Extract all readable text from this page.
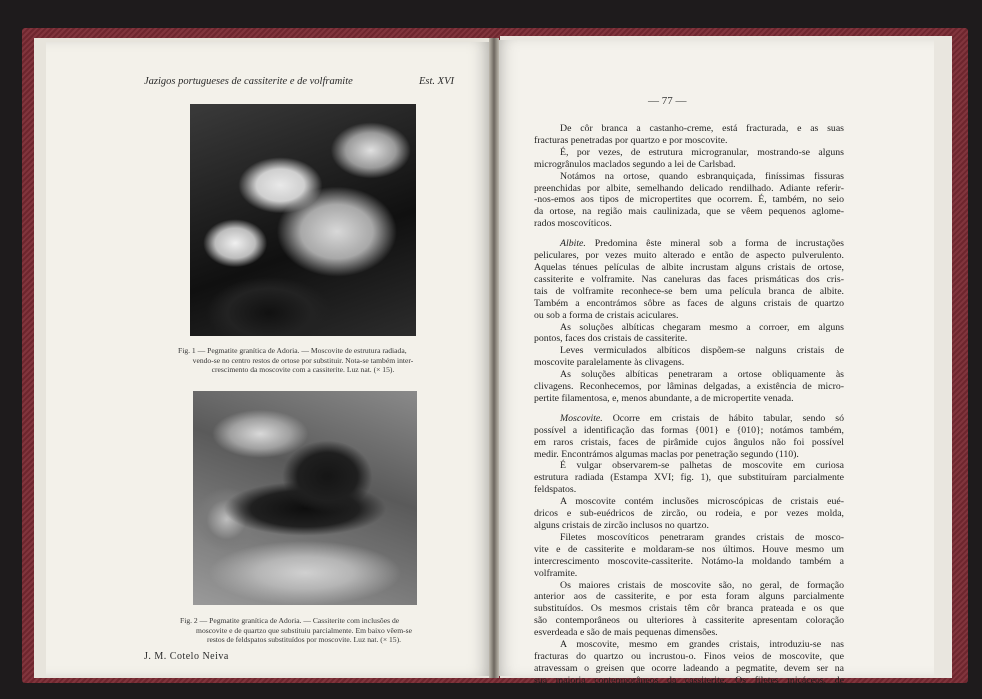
Jazigos portugueses de cassiterite e de volframite	Est. XVI
Fig. 1 — Pegmatite granítica de Adoria. — Moscovite de estrutura radiada,
vendo-se no centro restos de ortose por substituir. Nota-se também inter-
crescimento da moscovite com a cassiterite. Luz nat. (× 15).
Fig. 2 — Pegmatite granítica de Adoria. — Cassiterite com inclusões de
moscovite e de quartzo que substituiu parcialmente. Em baixo vêem-se
restos de feldspatos substituídos por moscovite. Luz nat. (× 15).
J. M. Cotelo Neiva
— 77 —
De côr branca a castanho-creme, está fracturada, e as suas
fracturas penetradas por quartzo e por moscovite.
É, por vezes, de estrutura microgranular, mostrando-se alguns
microgrânulos maclados segundo a lei de Carlsbad.
Notámos na ortose, quando esbranquiçada, finíssimas fissuras
preenchidas por albite, semelhando delicado rendilhado. Adiante referir-
-nos-emos aos tipos de micropertites que ocorrem. É, também, no seio
da ortose, na região mais caulinizada, que se vêem pequenos aglome-
rados moscovíticos.
Albite. Predomina êste mineral sob a forma de incrustações
peliculares, por vezes muito alterado e então de aspecto pulverulento.
Aquelas ténues películas de albite incrustam alguns cristais de ortose,
cassiterite e volframite. Nas caneluras das faces prismáticas dos cris-
tais de volframite reconhece-se bem uma película branca de albite.
Também a encontrámos sôbre as faces de alguns cristais de quartzo
ou sob a forma de cristais aciculares.
As soluções albíticas chegaram mesmo a corroer, em alguns
pontos, faces dos cristais de cassiterite.
Leves vermiculados albíticos dispõem-se nalguns cristais de
moscovite paralelamente às clivagens.
As soluções albíticas penetraram a ortose obliquamente às
clivagens. Reconhecemos, por lâminas delgadas, a existência de micro-
pertite filamentosa, e, menos abundante, a de micropertite venada.
Moscovite. Ocorre em cristais de hábito tabular, sendo só
possível a identificação das formas {001} e {010}; notámos também,
em raros cristais, faces de pirâmide cujos ângulos não foi possível
medir. Encontrámos algumas maclas por penetração segundo (110).
É vulgar observarem-se palhetas de moscovite em curiosa
estrutura radiada (Estampa XVI; fig. 1), que substituíram parcialmente
feldspatos.
A moscovite contém inclusões microscópicas de cristais eué-
dricos e sub-euédricos de zircão, ou rodeia, e por vezes molda,
alguns cristais de zircão inclusos no quartzo.
Filetes moscovíticos penetraram grandes cristais de mosco-
vite e de cassiterite e moldaram-se nos últimos. Houve mesmo um
intercrescimento moscovite-cassiterite. Notámo-la moldando também a
volframite.
Os maiores cristais de moscovite são, no geral, de formação
anterior aos de cassiterite, e por esta foram alguns parcialmente
substituídos. Os mesmos cristais têm côr branca prateada e os que
são contemporâneos ou ulteriores à cassiterite apresentam coloração
esverdeada e são de mais pequenas dimensões.
A moscovite, mesmo em grandes cristais, introduziu-se nas
fracturas do quartzo ou incrustou-o. Finos veios de moscovite, que
atravessam o greisen que ocorre ladeando a pegmatite, devem ser na
sua maioria contemporâneos da cassiterite. Os filetes micáceos, de
